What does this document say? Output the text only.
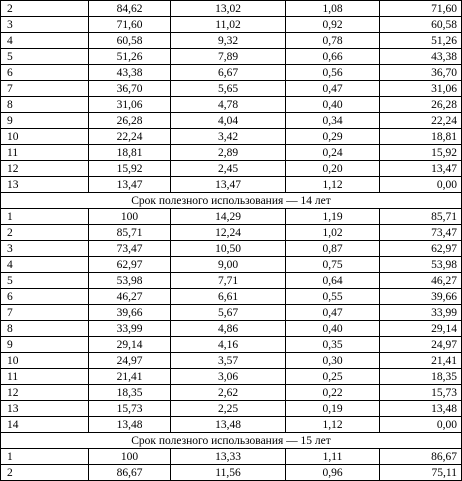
2	84,62	13,02	1,08	71,60
3	71,60	11,02	0,92	60,58
4	60,58	9,32	0,78	51,26
5	51,26	7,89	0,66	43,38
6	43,38	6,67	0,56	36,70
7	36,70	5,65	0,47	31,06
8	31,06	4,78	0,40	26,28
9	26,28	4,04	0,34	22,24
10	22,24	3,42	0,29	18,81
11	18,81	2,89	0,24	15,92
12	15,92	2,45	0,20	13,47
13	13,47	13,47	1,12	0,00
Срок полезного использования — 14 лет				
1	100	14,29	1,19	85,71
2	85,71	12,24	1,02	73,47
3	73,47	10,50	0,87	62,97
4	62,97	9,00	0,75	53,98
5	53,98	7,71	0,64	46,27
6	46,27	6,61	0,55	39,66
7	39,66	5,67	0,47	33,99
8	33,99	4,86	0,40	29,14
9	29,14	4,16	0,35	24,97
10	24,97	3,57	0,30	21,41
11	21,41	3,06	0,25	18,35
12	18,35	2,62	0,22	15,73
13	15,73	2,25	0,19	13,48
14	13,48	13,48	1,12	0,00
Срок полезного использования — 15 лет				
1	100	13,33	1,11	86,67
2	86,67	11,56	0,96	75,11
